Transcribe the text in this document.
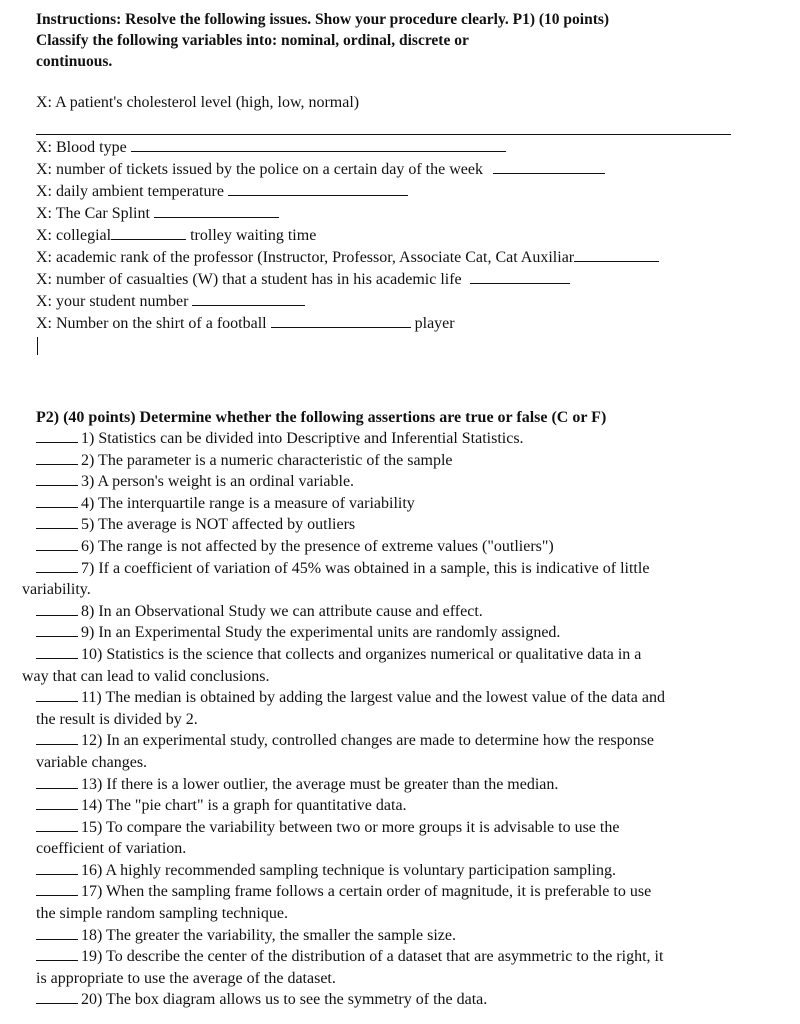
Instructions: Resolve the following issues. Show your procedure clearly. P1) (10 points)
Classify the following variables into: nominal, ordinal, discrete or
continuous.
X: A patient's cholesterol level (high, low, normal)
X: Blood type
X: number of tickets issued by the police on a certain day of the week
X: daily ambient temperature
X: The Car Splint
X: collegial	trolley waiting time
X: academic rank of the professor (Instructor, Professor, Associate Cat, Cat Auxiliar
X: number of casualties (W) that a student has in his academic life
X: your student number
X: Number on the shirt of a football	player
P2) (40 points) Determine whether the following assertions are true or false (C or F)
1) Statistics can be divided into Descriptive and Inferential Statistics.
2) The parameter is a numeric characteristic of the sample
3) A person's weight is an ordinal variable.
4) The interquartile range is a measure of variability
5) The average is NOT affected by outliers
6) The range is not affected by the presence of extreme values ("outliers")
7) If a coefficient of variation of 45% was obtained in a sample, this is indicative of little
variability.
8) In an Observational Study we can attribute cause and effect.
9) In an Experimental Study the experimental units are randomly assigned.
10) Statistics is the science that collects and organizes numerical or qualitative data in a
way that can lead to valid conclusions.
11) The median is obtained by adding the largest value and the lowest value of the data and
the result is divided by 2.
12) In an experimental study, controlled changes are made to determine how the response
variable changes.
13) If there is a lower outlier, the average must be greater than the median.
14) The "pie chart" is a graph for quantitative data.
15) To compare the variability between two or more groups it is advisable to use the
coefficient of variation.
16) A highly recommended sampling technique is voluntary participation sampling.
17) When the sampling frame follows a certain order of magnitude, it is preferable to use
the simple random sampling technique.
18) The greater the variability, the smaller the sample size.
19) To describe the center of the distribution of a dataset that are asymmetric to the right, it
is appropriate to use the average of the dataset.
20) The box diagram allows us to see the symmetry of the data.
